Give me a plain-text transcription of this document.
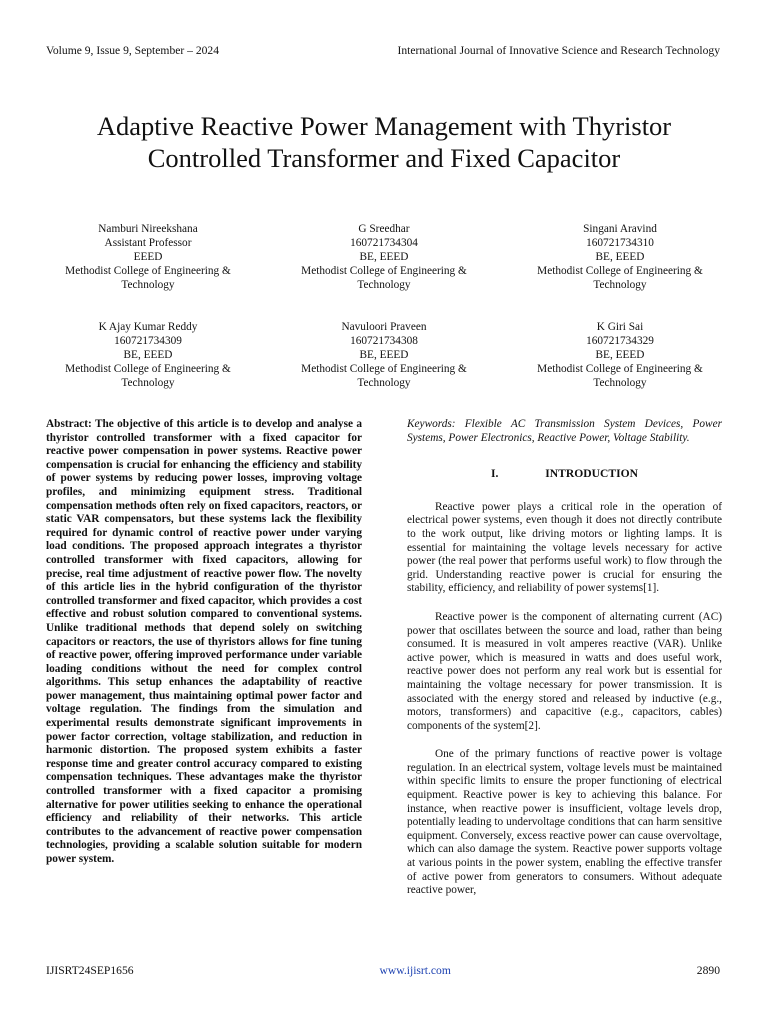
Volume 9, Issue 9, September – 2024	International Journal of Innovative Science and Research Technology
Adaptive Reactive Power Management with Thyristor Controlled Transformer and Fixed Capacitor
Namburi Nireekshana
Assistant Professor
EEED
Methodist College of Engineering & Technology
G Sreedhar
160721734304
BE, EEED
Methodist College of Engineering & Technology
Singani Aravind
160721734310
BE, EEED
Methodist College of Engineering & Technology
K Ajay Kumar Reddy
160721734309
BE, EEED
Methodist College of Engineering & Technology
Navuloori Praveen
160721734308
BE, EEED
Methodist College of Engineering & Technology
K Giri Sai
160721734329
BE, EEED
Methodist College of Engineering & Technology

Abstract: The objective of this article is to develop and analyse a thyristor controlled transformer with a fixed capacitor for reactive power compensation in power systems. Reactive power compensation is crucial for enhancing the efficiency and stability of power systems by reducing power losses, improving voltage profiles, and minimizing equipment stress. Traditional compensation methods often rely on fixed capacitors, reactors, or static VAR compensators, but these systems lack the flexibility required for dynamic control of reactive power under varying load conditions. The proposed approach integrates a thyristor controlled transformer with fixed capacitors, allowing for precise, real time adjustment of reactive power flow. The novelty of this article lies in the hybrid configuration of the thyristor controlled transformer and fixed capacitor, which provides a cost effective and robust solution compared to conventional systems. Unlike traditional methods that depend solely on switching capacitors or reactors, the use of thyristors allows for fine tuning of reactive power, offering improved performance under variable loading conditions without the need for complex control algorithms. This setup enhances the adaptability of reactive power management, thus maintaining optimal power factor and voltage regulation. The findings from the simulation and experimental results demonstrate significant improvements in power factor correction, voltage stabilization, and reduction in harmonic distortion. The proposed system exhibits a faster response time and greater control accuracy compared to existing compensation techniques. These advantages make the thyristor controlled transformer with a fixed capacitor a promising alternative for power utilities seeking to enhance the operational efficiency and reliability of their networks. This article contributes to the advancement of reactive power compensation technologies, providing a scalable solution suitable for modern power system.

Keywords: Flexible AC Transmission System Devices, Power Systems, Power Electronics, Reactive Power, Voltage Stability.

I.	INTRODUCTION

Reactive power plays a critical role in the operation of electrical power systems, even though it does not directly contribute to the work output, like driving motors or lighting lamps. It is essential for maintaining the voltage levels necessary for active power (the real power that performs useful work) to flow through the grid. Understanding reactive power is crucial for ensuring the stability, efficiency, and reliability of power systems[1].

Reactive power is the component of alternating current (AC) power that oscillates between the source and load, rather than being consumed. It is measured in volt amperes reactive (VAR). Unlike active power, which is measured in watts and does useful work, reactive power does not perform any real work but is essential for maintaining the voltage necessary for power transmission. It is associated with the energy stored and released by inductive (e.g., motors, transformers) and capacitive (e.g., capacitors, cables) components of the system[2].

One of the primary functions of reactive power is voltage regulation. In an electrical system, voltage levels must be maintained within specific limits to ensure the proper functioning of electrical equipment. Reactive power is key to achieving this balance. For instance, when reactive power is insufficient, voltage levels drop, potentially leading to undervoltage conditions that can harm sensitive equipment. Conversely, excess reactive power can cause overvoltage, which can also damage the system. Reactive power supports voltage at various points in the power system, enabling the effective transfer of active power from generators to consumers. Without adequate reactive power,

IJISRT24SEP1656	www.ijisrt.com	2890
